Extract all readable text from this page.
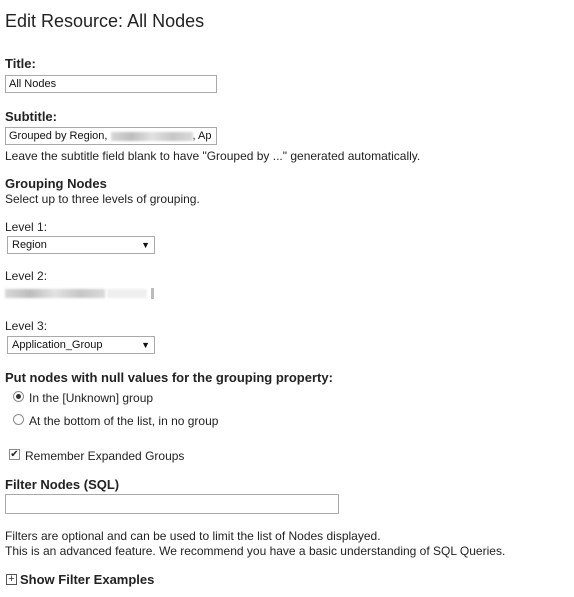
Edit Resource: All Nodes
Title:
All Nodes
Subtitle:
Grouped by Region,	, Ap
Leave the subtitle field blank to have "Grouped by ..." generated automatically.
Grouping Nodes
Select up to three levels of grouping.
Level 1:
Region	▼
Level 2:
Level 3:
Application_Group	▼
Put nodes with null values for the grouping property:
In the [Unknown] group
At the bottom of the list, in no group
✔ Remember Expanded Groups
Filter Nodes (SQL)
Filters are optional and can be used to limit the list of Nodes displayed.
This is an advanced feature. We recommend you have a basic understanding of SQL Queries.
+ Show Filter Examples
